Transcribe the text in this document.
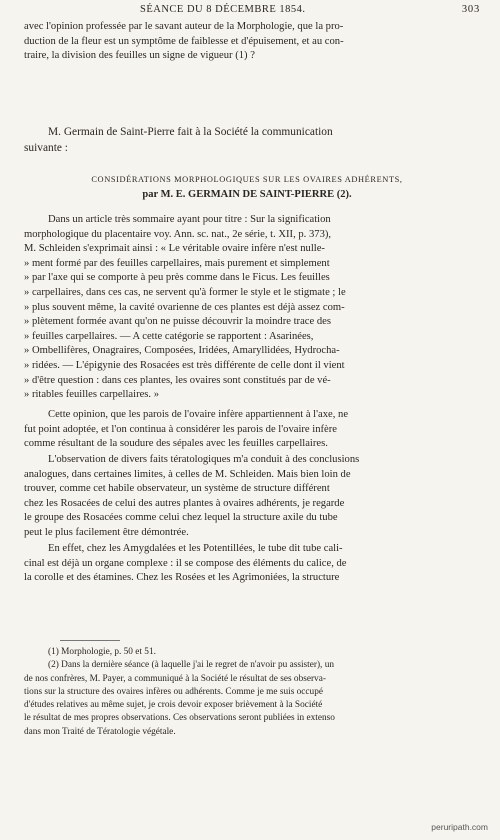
SÉANCE DU 8 DÉCEMBRE 1854.	303

avec l'opinion professée par le savant auteur de la Morphologie, que la pro-

duction de la fleur est un symptôme de faiblesse et d'épuisement, et au con-

traire, la division des feuilles un signe de vigueur (1) ?

M. Germain de Saint-Pierre fait à la Société la communication

suivante :

CONSIDÉRATIONS MORPHOLOGIQUES SUR LES OVAIRES ADHÉRENTS,

par M. E. GERMAIN DE SAINT-PIERRE (2).

Dans un article très sommaire ayant pour titre : Sur la signification

morphologique du placentaire voy. Ann. sc. nat., 2e série, t. XII, p. 373),

M. Schleiden s'exprimait ainsi : « Le véritable ovaire infère n'est nulle-

» ment formé par des feuilles carpellaires, mais purement et simplement

» par l'axe qui se comporte à peu près comme dans le Ficus. Les feuilles

» carpellaires, dans ces cas, ne servent qu'à former le style et le stigmate ; le

» plus souvent même, la cavité ovarienne de ces plantes est déjà assez com-

» plètement formée avant qu'on ne puisse découvrir la moindre trace des

» feuilles carpellaires. — A cette catégorie se rapportent : Asarinées,

» Ombellifères, Onagraires, Composées, Iridées, Amaryllidées, Hydrocha-

» ridées. — L'épigynie des Rosacées est très différente de celle dont il vient

» d'être question : dans ces plantes, les ovaires sont constitués par de vé-

» ritables feuilles carpellaires. »

Cette opinion, que les parois de l'ovaire infère appartiennent à l'axe, ne

fut point adoptée, et l'on continua à considérer les parois de l'ovaire infère

comme résultant de la soudure des sépales avec les feuilles carpellaires.

L'observation de divers faits tératologiques m'a conduit à des conclusions

analogues, dans certaines limites, à celles de M. Schleiden. Mais bien loin de

trouver, comme cet habile observateur, un système de structure différent

chez les Rosacées de celui des autres plantes à ovaires adhérents, je regarde

le groupe des Rosacées comme celui chez lequel la structure axile du tube

peut le plus facilement être démontrée.

En effet, chez les Amygdalées et les Potentillées, le tube dit tube cali-

cinal est déjà un organe complexe : il se compose des éléments du calice, de

la corolle et des étamines. Chez les Rosées et les Agrimoniées, la structure

(1) Morphologie, p. 50 et 51.

(2) Dans la dernière séance (à laquelle j'ai le regret de n'avoir pu assister), un

de nos confrères, M. Payer, a communiqué à la Société le résultat de ses observa-

tions sur la structure des ovaires infères ou adhérents. Comme je me suis occupé

d'études relatives au même sujet, je crois devoir exposer brièvement à la Société

le résultat de mes propres observations. Ces observations seront publiées in extenso

dans mon Traité de Tératologie végétale.

peruripath.com
